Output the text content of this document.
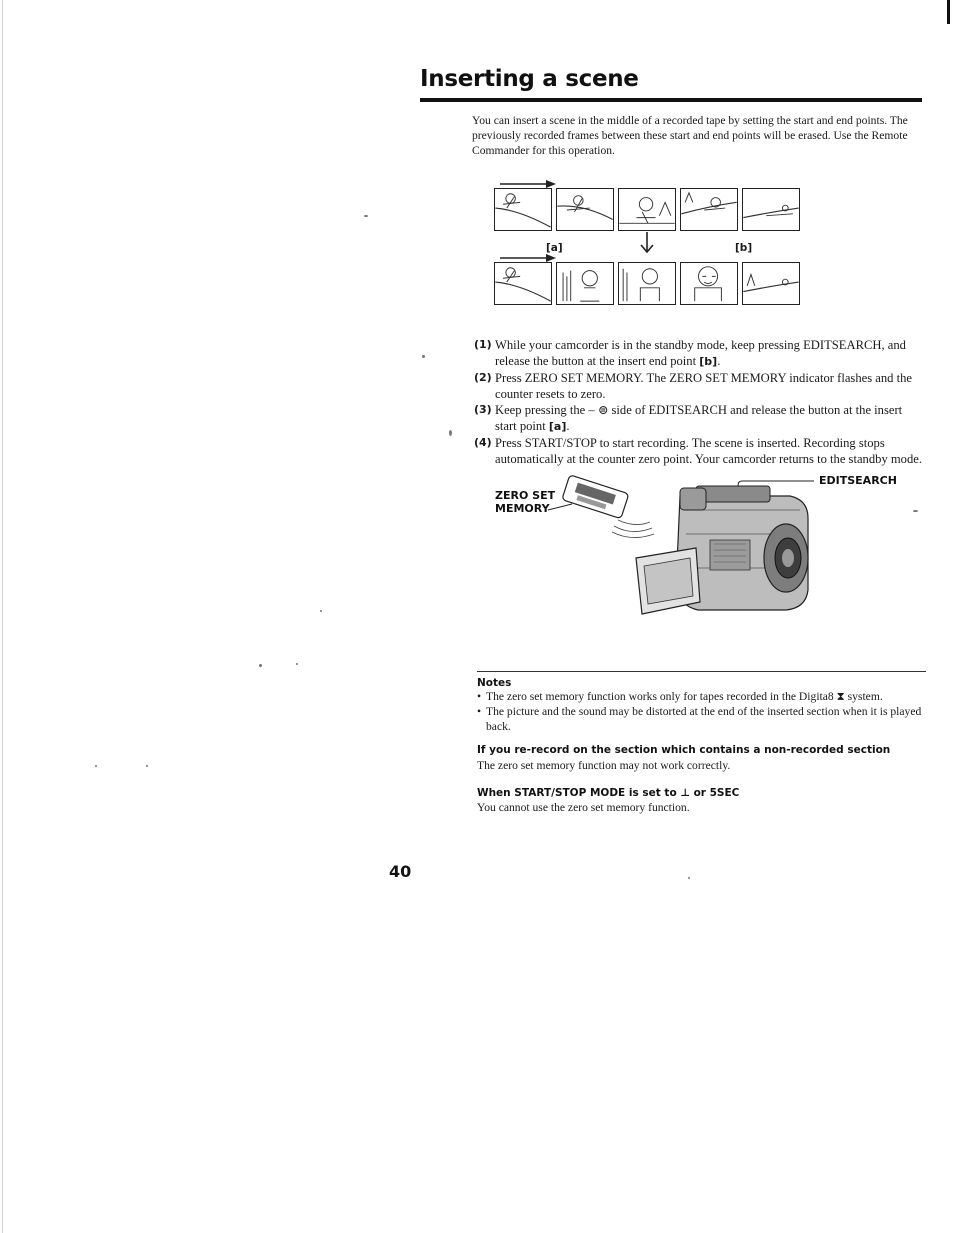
Inserting a scene

You can insert a scene in the middle of a recorded tape by setting the start and end points. The previously recorded frames between these start and end points will be erased. Use the Remote Commander for this operation.

[a]	[b]
(1) While your camcorder is in the standby mode, keep pressing EDITSEARCH, and release the button at the insert end point [b].
(2) Press ZERO SET MEMORY. The ZERO SET MEMORY indicator flashes and the counter resets to zero.
(3) Keep pressing the – ⊜ side of EDITSEARCH and release the button at the insert start point [a].
(4) Press START/STOP to start recording. The scene is inserted. Recording stops automatically at the counter zero point. Your camcorder returns to the standby mode.
ZERO SET
MEMORY
EDITSEARCH
Notes
• The zero set memory function works only for tapes recorded in the Digita8 ⧗ system.
• The picture and the sound may be distorted at the end of the inserted section when it is played back.
If you re-record on the section which contains a non-recorded section

The zero set memory function may not work correctly.

When START/STOP MODE is set to ⊥ or 5SEC

You cannot use the zero set memory function.

40
